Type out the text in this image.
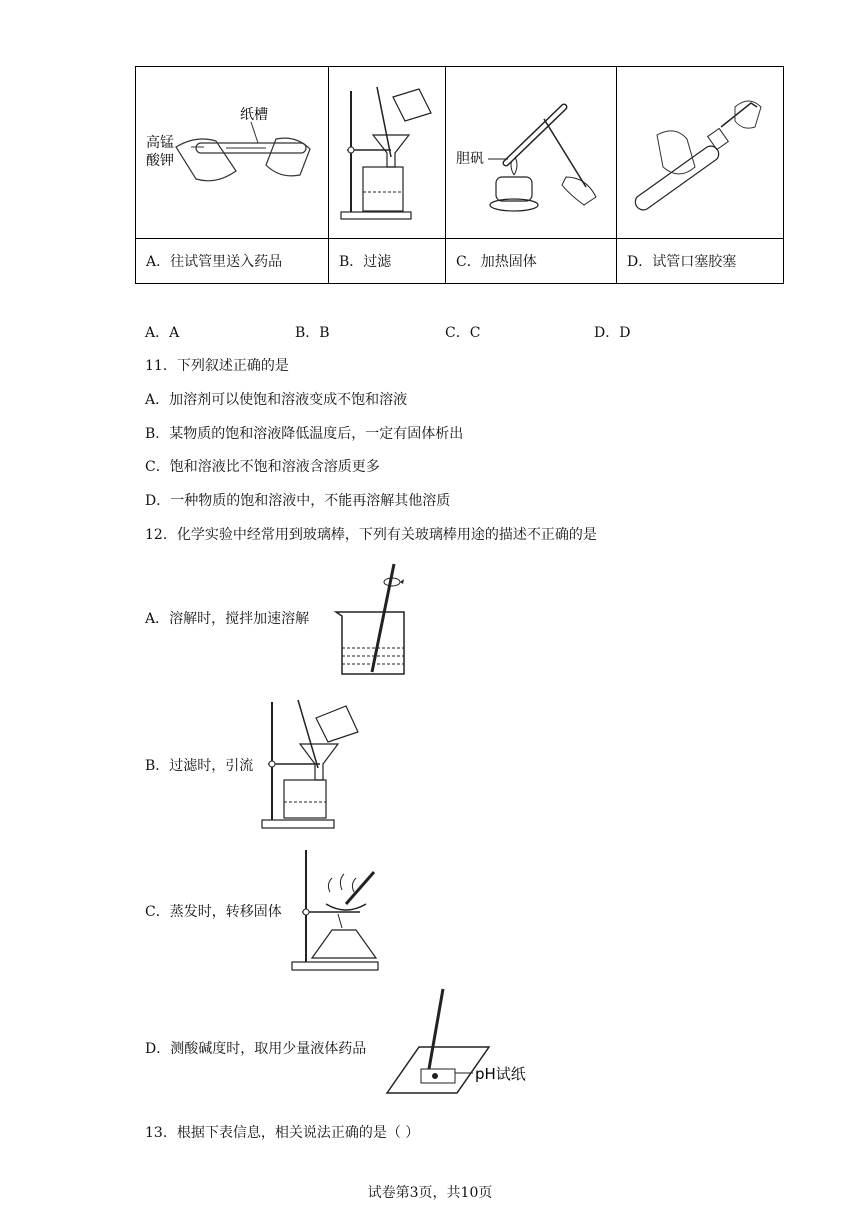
纸槽
高锰
酸钾		胆矾

A．往试管里送入药品	B．过滤	C．加热固体	D．试管口塞胶塞
A．A	B．B	C．C	D．D
11．下列叙述正确的是
A．加溶剂可以使饱和溶液变成不饱和溶液
B．某物质的饱和溶液降低温度后，一定有固体析出
C．饱和溶液比不饱和溶液含溶质更多
D．一种物质的饱和溶液中，不能再溶解其他溶质
12．化学实验中经常用到玻璃棒，下列有关玻璃棒用途的描述不正确的是
A．溶解时，搅拌加速溶解
B．过滤时，引流
C．蒸发时，转移固体
D．测酸碱度时，取用少量液体药品
pH试纸
13．根据下表信息，相关说法正确的是（ ）
试卷第3页，共10页
